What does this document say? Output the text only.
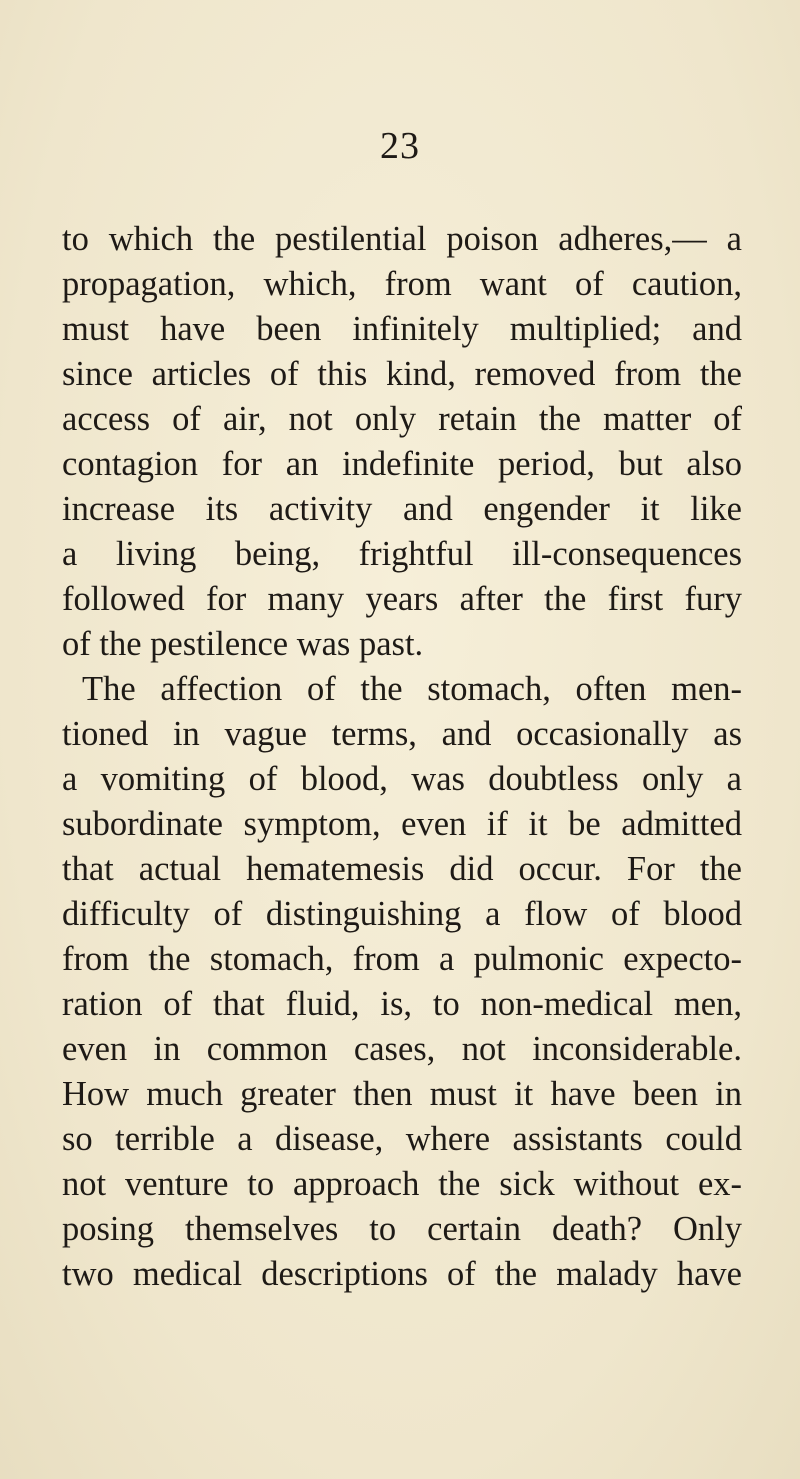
23
to which the pestilential poison adheres,— a
propagation, which, from want of caution,
must have been infinitely multiplied; and
since articles of this kind, removed from the
access of air, not only retain the matter of
contagion for an indefinite period, but also
increase its activity and engender it like
a living being, frightful ill-consequences
followed for many years after the first fury
of the pestilence was past.
The affection of the stomach, often men-
tioned in vague terms, and occasionally as
a vomiting of blood, was doubtless only a
subordinate symptom, even if it be admitted
that actual hematemesis did occur. For the
difficulty of distinguishing a flow of blood
from the stomach, from a pulmonic expecto-
ration of that fluid, is, to non-medical men,
even in common cases, not inconsiderable.
How much greater then must it have been in
so terrible a disease, where assistants could
not venture to approach the sick without ex-
posing themselves to certain death? Only
two medical descriptions of the malady have
